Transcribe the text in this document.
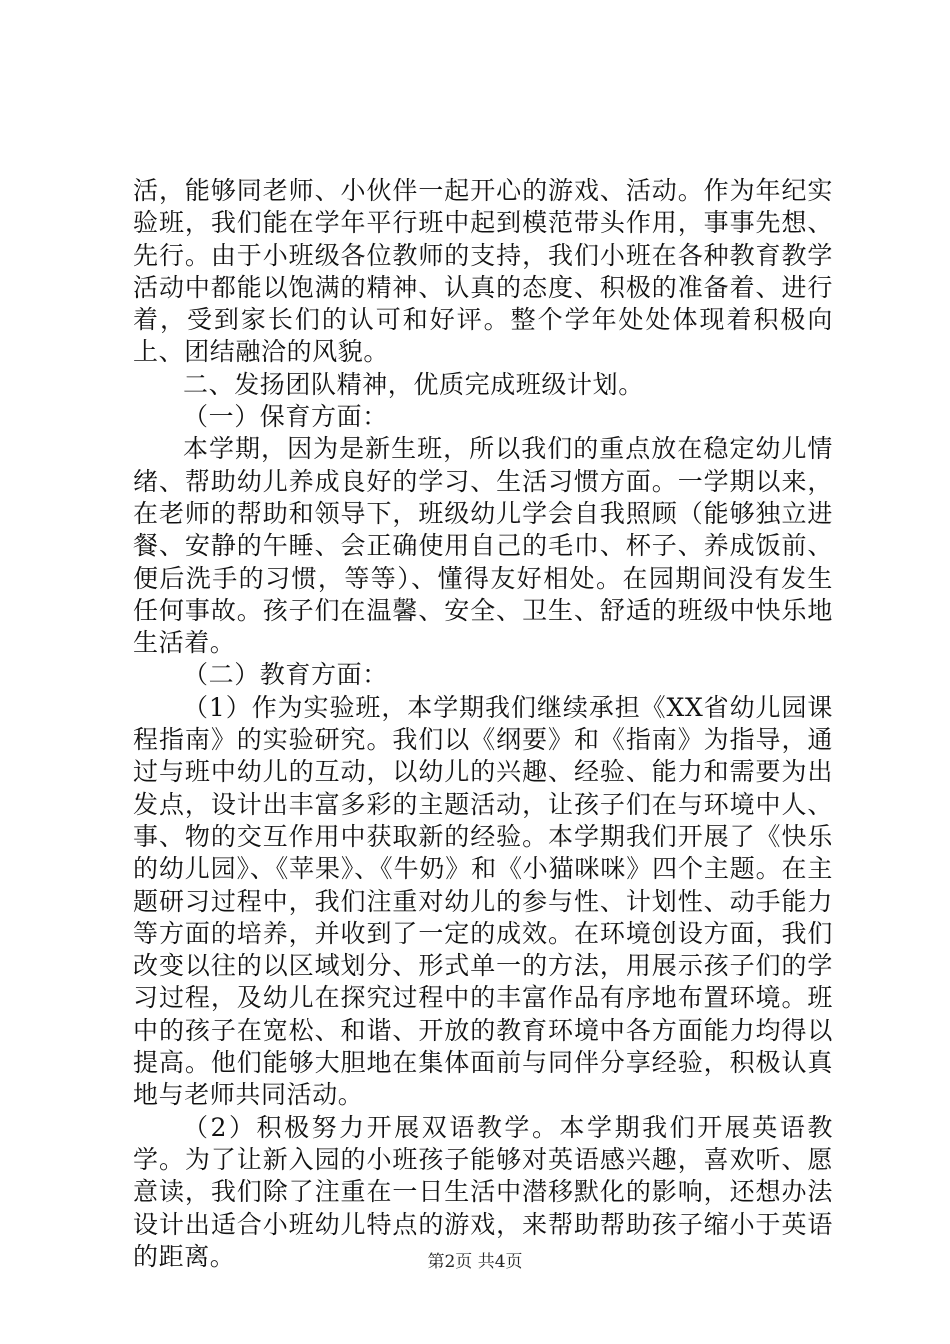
活，能够同老师、小伙伴一起开心的游戏、活动。作为年纪实验班，我们能在学年平行班中起到模范带头作用，事事先想、先行。由于小班级各位教师的支持，我们小班在各种教育教学活动中都能以饱满的精神、认真的态度、积极的准备着、进行着，受到家长们的认可和好评。整个学年处处体现着积极向上、团结融洽的风貌。

二、发扬团队精神，优质完成班级计划。

（一）保育方面：

本学期，因为是新生班，所以我们的重点放在稳定幼儿情绪、帮助幼儿养成良好的学习、生活习惯方面。一学期以来，在老师的帮助和领导下，班级幼儿学会自我照顾（能够独立进餐、安静的午睡、会正确使用自己的毛巾、杯子、养成饭前、便后洗手的习惯，等等）、懂得友好相处。在园期间没有发生任何事故。孩子们在温馨、安全、卫生、舒适的班级中快乐地生活着。

（二）教育方面：

（1）作为实验班，本学期我们继续承担《XX省幼儿园课程指南》的实验研究。我们以《纲要》和《指南》为指导，通过与班中幼儿的互动，以幼儿的兴趣、经验、能力和需要为出发点，设计出丰富多彩的主题活动，让孩子们在与环境中人、事、物的交互作用中获取新的经验。本学期我们开展了《快乐的幼儿园》、《苹果》、《牛奶》和《小猫咪咪》四个主题。在主题研习过程中，我们注重对幼儿的参与性、计划性、动手能力等方面的培养，并收到了一定的成效。在环境创设方面，我们改变以往的以区域划分、形式单一的方法，用展示孩子们的学习过程，及幼儿在探究过程中的丰富作品有序地布置环境。班中的孩子在宽松、和谐、开放的教育环境中各方面能力均得以提高。他们能够大胆地在集体面前与同伴分享经验，积极认真地与老师共同活动。

（2）积极努力开展双语教学。本学期我们开展英语教学。为了让新入园的小班孩子能够对英语感兴趣，喜欢听、愿意读，我们除了注重在一日生活中潜移默化的影响，还想办法设计出适合小班幼儿特点的游戏，来帮助帮助孩子缩小于英语的距离。	第2页 共4页
